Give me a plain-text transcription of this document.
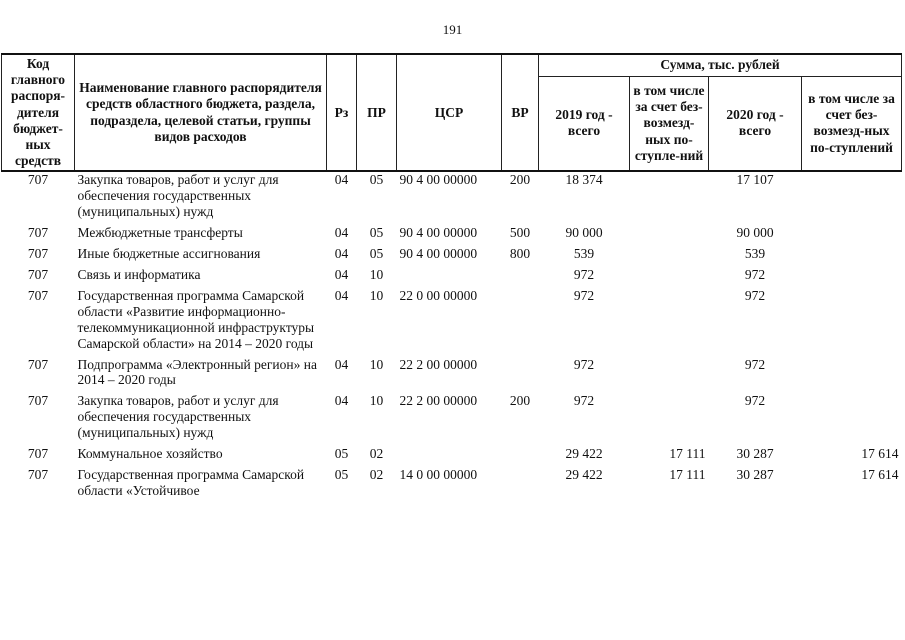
191
Код главного распоря-дителя бюджет-ных средств	Наименование главного распорядителя средств областного бюджета, раздела, подраздела, целевой статьи, группы видов расходов	Рз	ПР	ЦСР	ВР	Сумма, тыс. рублей			
						2019 год - всего	в том числе за счет без-возмезд-ных по-ступле-ний	2020 год - всего	в том числе за счет без-возмезд-ных по-ступлений
707	Закупка товаров, работ и услуг для обеспечения государственных (муниципальных) нужд	04	05	90 4 00 00000	200	18 374		17 107	
707	Межбюджетные трансферты	04	05	90 4 00 00000	500	90 000		90 000	
707	Иные бюджетные ассигнования	04	05	90 4 00 00000	800	539		539	
707	Связь и информатика	04	10			972		972	
707	Государственная программа Самарской области «Развитие информационно-телекоммуникационной инфраструктуры Самарской области» на 2014 – 2020 годы	04	10	22 0 00 00000		972		972	
707	Подпрограмма «Электронный регион» на 2014 – 2020 годы	04	10	22 2 00 00000		972		972	
707	Закупка товаров, работ и услуг для обеспечения государственных (муниципальных) нужд	04	10	22 2 00 00000	200	972		972	
707	Коммунальное хозяйство	05	02			29 422	17 111	30 287	17 614
707	Государственная программа Самарской области «Устойчивое	05	02	14 0 00 00000		29 422	17 111	30 287	17 614
